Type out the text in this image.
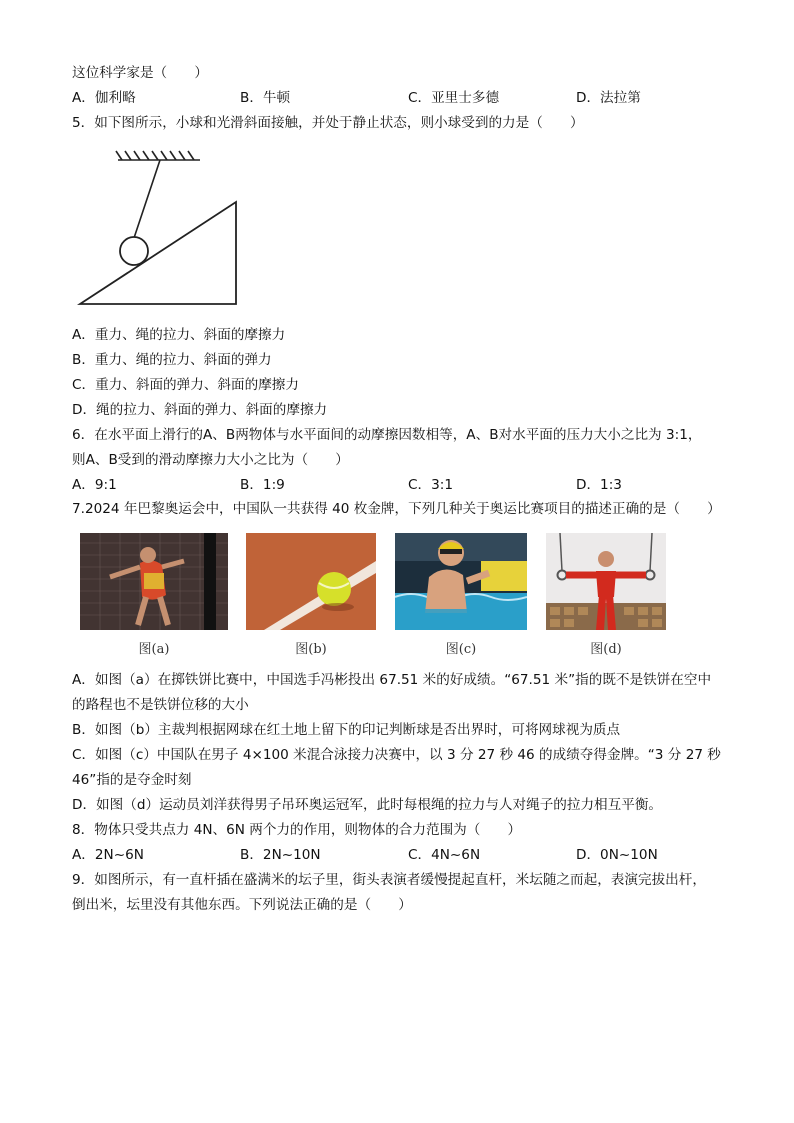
这位科学家是（　　）
A．伽利略	B．牛顿	C．亚里士多德	D．法拉第
5．如下图所示，小球和光滑斜面接触，并处于静止状态，则小球受到的力是（　　）
A．重力、绳的拉力、斜面的摩擦力
B．重力、绳的拉力、斜面的弹力
C．重力、斜面的弹力、斜面的摩擦力
D．绳的拉力、斜面的弹力、斜面的摩擦力
6．在水平面上滑行的A、B两物体与水平面间的动摩擦因数相等，A、B对水平面的压力大小之比为 3:1，
则A、B受到的滑动摩擦力大小之比为（　　）
A．9:1	B．1:9	C．3:1	D．1:3
7.2024 年巴黎奥运会中，中国队一共获得 40 枚金牌，下列几种关于奥运比赛项目的描述正确的是（　　）
图(a)	图(b)	图(c)	图(d)
A．如图（a）在掷铁饼比赛中，中国选手冯彬投出 67.51 米的好成绩。“67.51 米”指的既不是铁饼在空中
的路程也不是铁饼位移的大小
B．如图（b）主裁判根据网球在红土地上留下的印记判断球是否出界时，可将网球视为质点
C．如图（c）中国队在男子 4×100 米混合泳接力决赛中，以 3 分 27 秒 46 的成绩夺得金牌。“3 分 27 秒
46”指的是夺金时刻
D．如图（d）运动员刘洋获得男子吊环奥运冠军，此时每根绳的拉力与人对绳子的拉力相互平衡。
8．物体只受共点力 4N、6N 两个力的作用，则物体的合力范围为（　　）
A．2N~6N	B．2N~10N	C．4N~6N	D．0N~10N
9．如图所示，有一直杆插在盛满米的坛子里，街头表演者缓慢提起直杆，米坛随之而起，表演完拔出杆，
倒出米，坛里没有其他东西。下列说法正确的是（　　）
